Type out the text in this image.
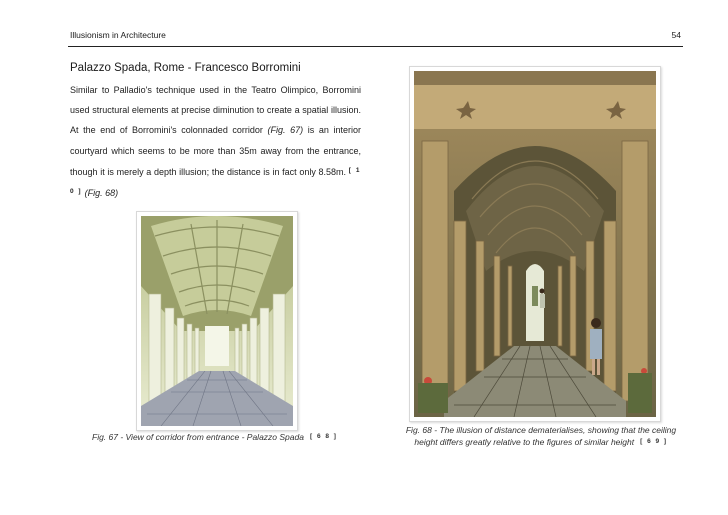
Illusionism in Architecture	54
Palazzo Spada, Rome - Francesco Borromini
Similar to Palladio's technique used in the Teatro Olimpico, Borromini used structural elements at precise diminution to create a spatial illusion. At the end of Borromini's colonnaded corridor (Fig. 67) is an interior courtyard which seems to be more than 35m away from the entrance, though it is merely a depth illusion; the distance is in fact only 8.58m. [ 1 0 ] (Fig. 68)
Fig. 67 - View of corridor from entrance - Palazzo Spada [ 6 8 ]
Fig. 68 - The illusion of distance dematerialises, showing that the ceiling height differs greatly relative to the figures of similar height [ 6 9 ]
